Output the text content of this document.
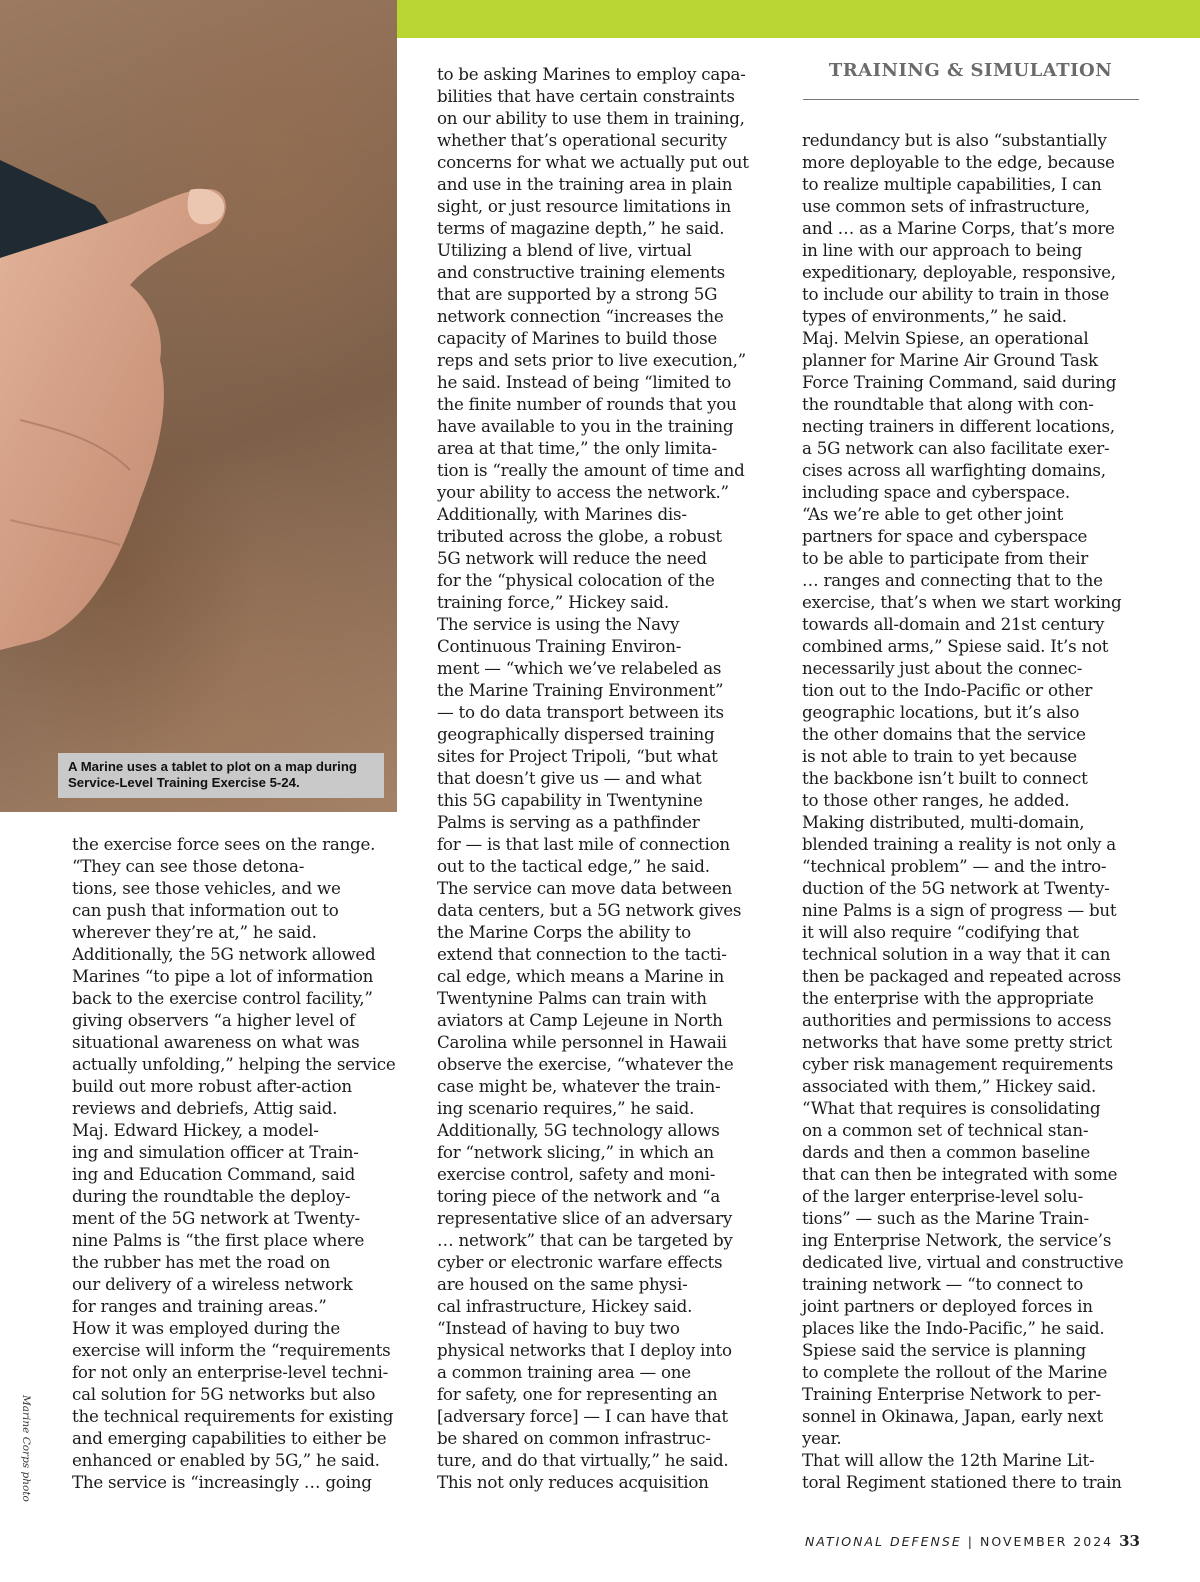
A Marine uses a tablet to plot on a map during
Service-Level Training Exercise 5-24.
Marine Corps photo
TRAINING & SIMULATION
the exercise force sees on the range.
“They can see those detona-
tions, see those vehicles, and we
can push that information out to
wherever they’re at,” he said.
Additionally, the 5G network allowed
Marines “to pipe a lot of information
back to the exercise control facility,”
giving observers “a higher level of
situational awareness on what was
actually unfolding,” helping the service
build out more robust after-action
reviews and debriefs, Attig said.
Maj. Edward Hickey, a model-
ing and simulation officer at Train-
ing and Education Command, said
during the roundtable the deploy-
ment of the 5G network at Twenty-
nine Palms is “the first place where
the rubber has met the road on
our delivery of a wireless network
for ranges and training areas.”
How it was employed during the
exercise will inform the “requirements
for not only an enterprise-level techni-
cal solution for 5G networks but also
the technical requirements for existing
and emerging capabilities to either be
enhanced or enabled by 5G,” he said.
The service is “increasingly … going
to be asking Marines to employ capa-
bilities that have certain constraints
on our ability to use them in training,
whether that’s operational security
concerns for what we actually put out
and use in the training area in plain
sight, or just resource limitations in
terms of magazine depth,” he said.
Utilizing a blend of live, virtual
and constructive training elements
that are supported by a strong 5G
network connection “increases the
capacity of Marines to build those
reps and sets prior to live execution,”
he said. Instead of being “limited to
the finite number of rounds that you
have available to you in the training
area at that time,” the only limita-
tion is “really the amount of time and
your ability to access the network.”
Additionally, with Marines dis-
tributed across the globe, a robust
5G network will reduce the need
for the “physical colocation of the
training force,” Hickey said.
The service is using the Navy
Continuous Training Environ-
ment — “which we’ve relabeled as
the Marine Training Environment”
— to do data transport between its
geographically dispersed training
sites for Project Tripoli, “but what
that doesn’t give us — and what
this 5G capability in Twentynine
Palms is serving as a pathfinder
for — is that last mile of connection
out to the tactical edge,” he said.
The service can move data between
data centers, but a 5G network gives
the Marine Corps the ability to
extend that connection to the tacti-
cal edge, which means a Marine in
Twentynine Palms can train with
aviators at Camp Lejeune in North
Carolina while personnel in Hawaii
observe the exercise, “whatever the
case might be, whatever the train-
ing scenario requires,” he said.
Additionally, 5G technology allows
for “network slicing,” in which an
exercise control, safety and moni-
toring piece of the network and “a
representative slice of an adversary
… network” that can be targeted by
cyber or electronic warfare effects
are housed on the same physi-
cal infrastructure, Hickey said.
“Instead of having to buy two
physical networks that I deploy into
a common training area — one
for safety, one for representing an
[adversary force] — I can have that
be shared on common infrastruc-
ture, and do that virtually,” he said.
This not only reduces acquisition
redundancy but is also “substantially
more deployable to the edge, because
to realize multiple capabilities, I can
use common sets of infrastructure,
and … as a Marine Corps, that’s more
in line with our approach to being
expeditionary, deployable, responsive,
to include our ability to train in those
types of environments,” he said.
Maj. Melvin Spiese, an operational
planner for Marine Air Ground Task
Force Training Command, said during
the roundtable that along with con-
necting trainers in different locations,
a 5G network can also facilitate exer-
cises across all warfighting domains,
including space and cyberspace.
“As we’re able to get other joint
partners for space and cyberspace
to be able to participate from their
… ranges and connecting that to the
exercise, that’s when we start working
towards all-domain and 21st century
combined arms,” Spiese said. It’s not
necessarily just about the connec-
tion out to the Indo-Pacific or other
geographic locations, but it’s also
the other domains that the service
is not able to train to yet because
the backbone isn’t built to connect
to those other ranges, he added.
Making distributed, multi-domain,
blended training a reality is not only a
“technical problem” — and the intro-
duction of the 5G network at Twenty-
nine Palms is a sign of progress — but
it will also require “codifying that
technical solution in a way that it can
then be packaged and repeated across
the enterprise with the appropriate
authorities and permissions to access
networks that have some pretty strict
cyber risk management requirements
associated with them,” Hickey said.
“What that requires is consolidating
on a common set of technical stan-
dards and then a common baseline
that can then be integrated with some
of the larger enterprise-level solu-
tions” — such as the Marine Train-
ing Enterprise Network, the service’s
dedicated live, virtual and constructive
training network — “to connect to
joint partners or deployed forces in
places like the Indo-Pacific,” he said.
Spiese said the service is planning
to complete the rollout of the Marine
Training Enterprise Network to per-
sonnel in Okinawa, Japan, early next
year.
That will allow the 12th Marine Lit-
toral Regiment stationed there to train
NATIONAL DEFENSE | NOVEMBER 2024 33
